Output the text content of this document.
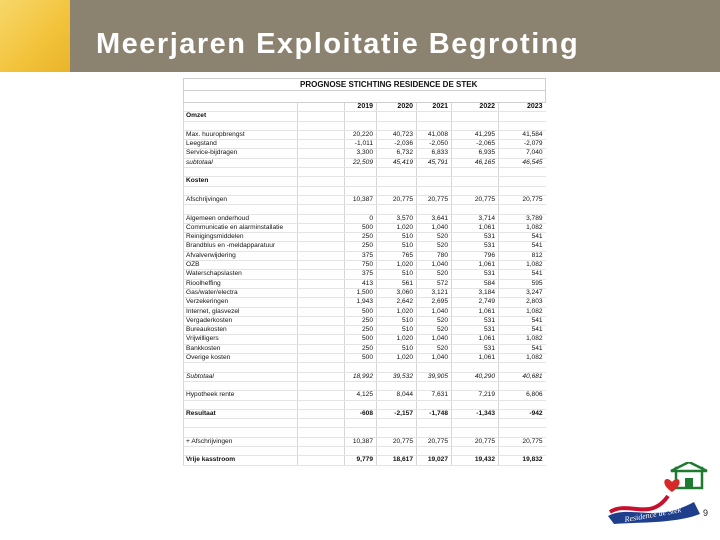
Meerjaren Exploitatie Begroting
PROGNOSE STICHTING RESIDENCE DE STEK						

		2019	2020	2021	2022	2023
Omzet						

Max. huuropbrengst		20,220	40,723	41,008	41,295	41,584
Leegstand		-1,011	-2,036	-2,050	-2,065	-2,079
Service-bijdragen		3,300	6,732	6,833	6,935	7,040
subtotaal		22,509	45,419	45,791	46,165	46,545

Kosten						

Afschrijvingen		10,387	20,775	20,775	20,775	20,775

Algemeen onderhoud		0	3,570	3,641	3,714	3,789
Communicatie en alarminstallatie		500	1,020	1,040	1,061	1,082
Reinigingsmiddelen		250	510	520	531	541
Brandblus en -meldapparatuur		250	510	520	531	541
Afvalverwijdering		375	765	780	796	812
OZB		750	1,020	1,040	1,061	1,082
Waterschapslasten		375	510	520	531	541
Rioolheffing		413	561	572	584	595
Gas/water/electra		1,500	3,060	3,121	3,184	3,247
Verzekeringen		1,943	2,642	2,695	2,749	2,803
Internet, glasvezel		500	1,020	1,040	1,061	1,082
Vergaderkosten		250	510	520	531	541
Bureaukosten		250	510	520	531	541
Vrijwilligers		500	1,020	1,040	1,061	1,082
Bankkosten		250	510	520	531	541
Overige kosten		500	1,020	1,040	1,061	1,082

Subtotaal		18,992	39,532	39,905	40,290	40,681

Hypotheek rente		4,125	8,044	7,631	7,219	6,806

Resultaat		-608	-2,157	-1,748	-1,343	-942

+ Afschrijvingen		10,387	20,775	20,775	20,775	20,775

Vrije kasstroom		9,779	18,617	19,027	19,432	19,832
Residence de Stek 9
